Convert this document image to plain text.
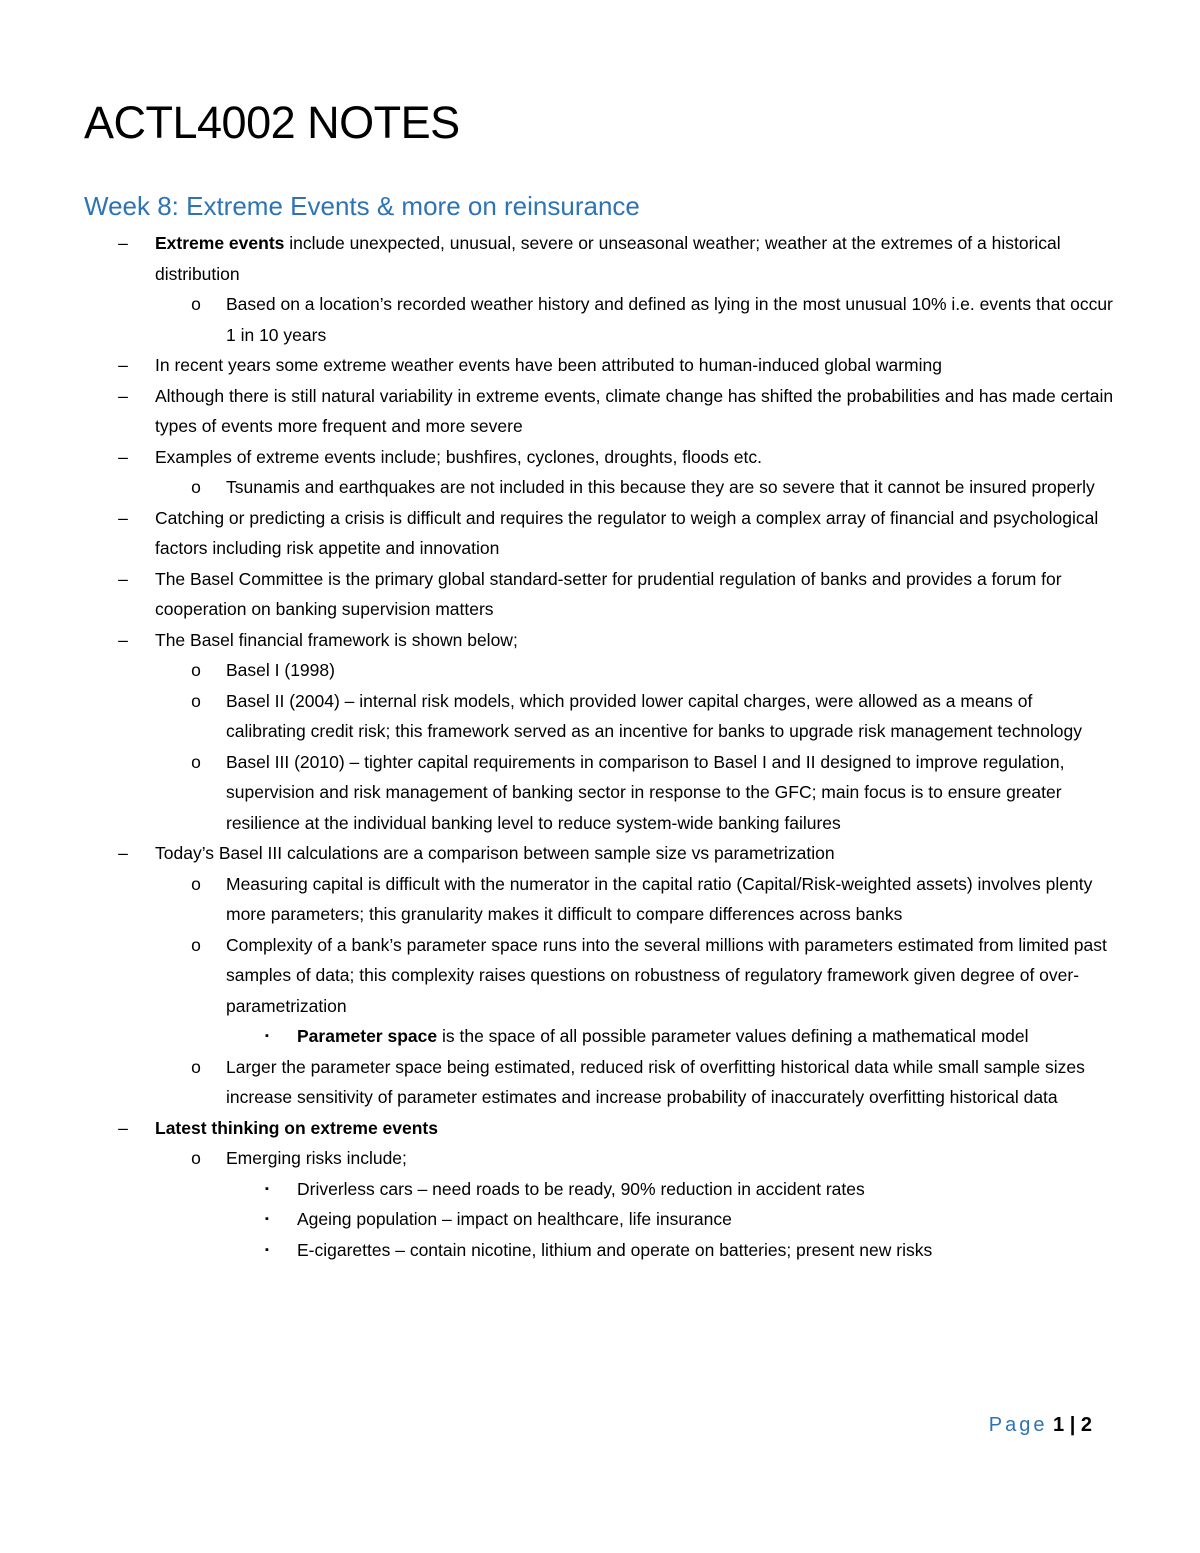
ACTL4002 NOTES
Week 8: Extreme Events & more on reinsurance
– Extreme events include unexpected, unusual, severe or unseasonal weather; weather at the extremes of a historical distribution
o Based on a location’s recorded weather history and defined as lying in the most unusual 10% i.e. events that occur 1 in 10 years
– In recent years some extreme weather events have been attributed to human-induced global warming
– Although there is still natural variability in extreme events, climate change has shifted the probabilities and has made certain types of events more frequent and more severe
– Examples of extreme events include; bushfires, cyclones, droughts, floods etc.
o Tsunamis and earthquakes are not included in this because they are so severe that it cannot be insured properly
– Catching or predicting a crisis is difficult and requires the regulator to weigh a complex array of financial and psychological factors including risk appetite and innovation
– The Basel Committee is the primary global standard-setter for prudential regulation of banks and provides a forum for cooperation on banking supervision matters
– The Basel financial framework is shown below;
o Basel I (1998)
o Basel II (2004) – internal risk models, which provided lower capital charges, were allowed as a means of calibrating credit risk; this framework served as an incentive for banks to upgrade risk management technology
o Basel III (2010) – tighter capital requirements in comparison to Basel I and II designed to improve regulation, supervision and risk management of banking sector in response to the GFC; main focus is to ensure greater resilience at the individual banking level to reduce system-wide banking failures
– Today’s Basel III calculations are a comparison between sample size vs parametrization
o Measuring capital is difficult with the numerator in the capital ratio (Capital/Risk-weighted assets) involves plenty more parameters; this granularity makes it difficult to compare differences across banks
o Complexity of a bank’s parameter space runs into the several millions with parameters estimated from limited past samples of data; this complexity raises questions on robustness of regulatory framework given degree of over-parametrization
▪	Parameter space is the space of all possible parameter values defining a mathematical model
o Larger the parameter space being estimated, reduced risk of overfitting historical data while small sample sizes increase sensitivity of parameter estimates and increase probability of inaccurately overfitting historical data
– Latest thinking on extreme events
o Emerging risks include;
▪	Driverless cars – need roads to be ready, 90% reduction in accident rates
▪	Ageing population – impact on healthcare, life insurance
▪	E-cigarettes – contain nicotine, lithium and operate on batteries; present new risks
Page 1 | 2
